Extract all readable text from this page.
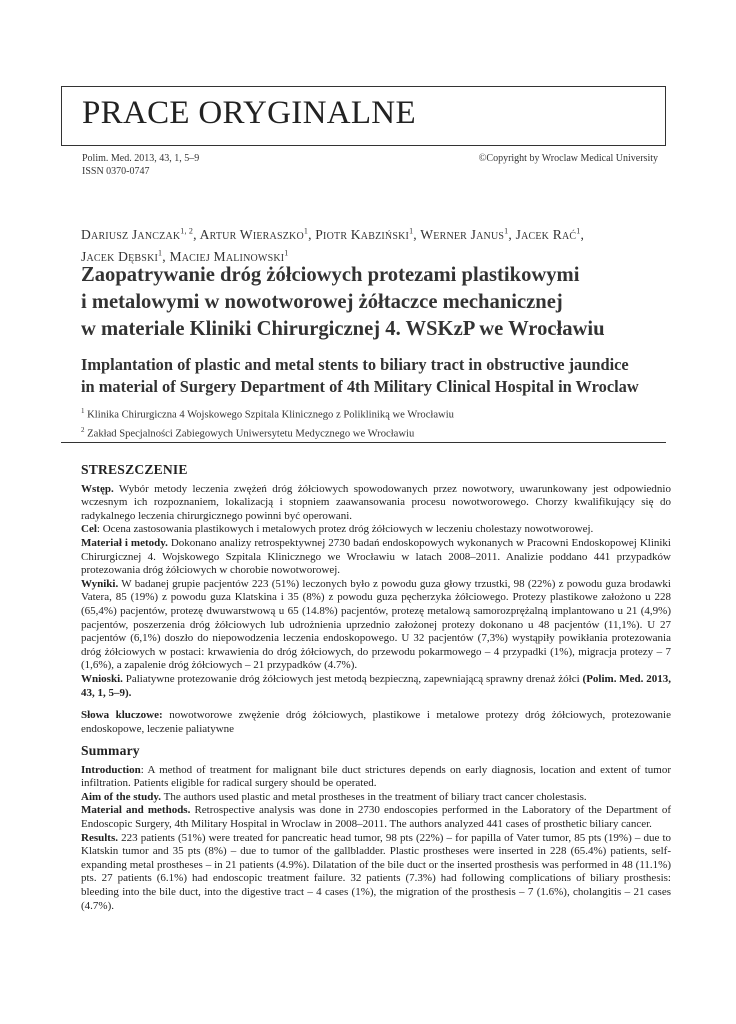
PRACE ORYGINALNE
Polim. Med. 2013, 43, 1, 5–9
ISSN 0370-0747
©Copyright by Wroclaw Medical University
Dariusz Janczak$^{1, 2}$, Artur Wieraszko$^1$, Piotr Kabziński$^1$, Werner Janus$^1$, Jacek Rać$^1$,
Jacek Dębski$^1$, Maciej Malinowski$^1$
Zaopatrywanie dróg żółciowych protezami plastikowymi
i metalowymi w nowotworowej żółtaczce mechanicznej
w materiale Kliniki Chirurgicznej 4. WSKzP we Wrocławiu
Implantation of plastic and metal stents to biliary tract in obstructive jaundice
in material of Surgery Department of 4th Military Clinical Hospital in Wroclaw
$^1$ Klinika Chirurgiczna 4 Wojskowego Szpitala Klinicznego z Polikliniką we Wrocławiu
$^2$ Zakład Specjalności Zabiegowych Uniwersytetu Medycznego we Wrocławiu
STRESZCZENIE

Wstęp. Wybór metody leczenia zwężeń dróg żółciowych spowodowanych przez nowotwory, uwarunkowany jest odpowiednio wczesnym ich rozpoznaniem, lokalizacją i stopniem zaawansowania procesu nowotworowego. Chorzy kwalifikujący się do radykalnego leczenia chirurgicznego powinni być operowani.

Cel: Ocena zastosowania plastikowych i metalowych protez dróg żółciowych w leczeniu cholestazy nowotworowej.

Materiał i metody. Dokonano analizy retrospektywnej 2730 badań endoskopowych wykonanych w Pracowni Endoskopowej Kliniki Chirurgicznej 4. Wojskowego Szpitala Klinicznego we Wrocławiu w latach 2008–2011. Analizie poddano 441 przypadków protezowania dróg żółciowych w chorobie nowotworowej.

Wyniki. W badanej grupie pacjentów 223 (51%) leczonych było z powodu guza głowy trzustki, 98 (22%) z powodu guza brodawki Vatera, 85 (19%) z powodu guza Klatskina i 35 (8%) z powodu guza pęcherzyka żółciowego. Protezy plastikowe założono u 228 (65,4%) pacjentów, protezę dwuwarstwową u 65 (14.8%) pacjentów, protezę metalową samorozprężalną implantowano u 21 (4,9%) pacjentów, poszerzenia dróg żółciowych lub udrożnienia uprzednio założonej protezy dokonano u 48 pacjentów (11,1%). U 27 pacjentów (6,1%) doszło do niepowodzenia leczenia endoskopowego. U 32 pacjentów (7,3%) wystąpiły powikłania protezowania dróg żółciowych w postaci: krwawienia do dróg żółciowych, do przewodu pokarmowego – 4 przypadki (1%), migracja protezy – 7 (1,6%), a zapalenie dróg żółciowych – 21 przypadków (4.7%).

Wnioski. Paliatywne protezowanie dróg żółciowych jest metodą bezpieczną, zapewniającą sprawny drenaż żółci (Polim. Med. 2013, 43, 1, 5–9).

Słowa kluczowe: nowotworowe zwężenie dróg żółciowych, plastikowe i metalowe protezy dróg żółciowych, protezowanie endoskopowe, leczenie paliatywne

Summary

Introduction: A method of treatment for malignant bile duct strictures depends on early diagnosis, location and extent of tumor infiltration. Patients eligible for radical surgery should be operated.

Aim of the study. The authors used plastic and metal prostheses in the treatment of biliary tract cancer cholestasis.

Material and methods. Retrospective analysis was done in 2730 endoscopies performed in the Laboratory of the Department of Endoscopic Surgery, 4th Military Hospital in Wroclaw in 2008–2011. The authors analyzed 441 cases of prosthetic biliary cancer.

Results. 223 patients (51%) were treated for pancreatic head tumor, 98 pts (22%) – for papilla of Vater tumor, 85 pts (19%) – due to Klatskin tumor and 35 pts (8%) – due to tumor of the gallbladder. Plastic prostheses were inserted in 228 (65.4%) patients, self-expanding metal prostheses – in 21 patients (4.9%). Dilatation of the bile duct or the inserted prosthesis was performed in 48 (11.1%) pts. 27 patients (6.1%) had endoscopic treatment failure. 32 patients (7.3%) had following complications of biliary prosthesis: bleeding into the bile duct, into the digestive tract – 4 cases (1%), the migration of the prosthesis – 7 (1.6%), cholangitis – 21 cases (4.7%).
